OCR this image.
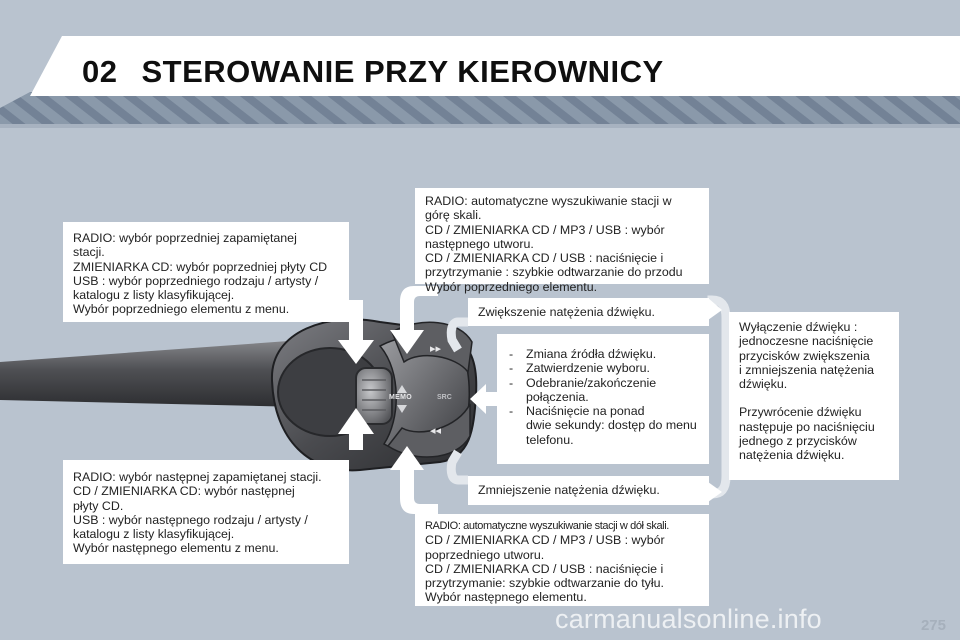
MEMO	SRC
▸▸
◂◂
02 STEROWANIE PRZY KIEROWNICY
RADIO: wybór poprzedniej zapamiętanej
stacji.
ZMIENIARKA CD: wybór poprzedniej płyty CD
USB : wybór poprzedniego rodzaju / artysty /
katalogu z listy klasyfikującej.
Wybór poprzedniego elementu z menu.
RADIO: wybór następnej zapamiętanej stacji.
CD / ZMIENIARKA CD: wybór następnej
płyty CD.
USB : wybór następnego rodzaju / artysty /
katalogu z listy klasyfikującej.
Wybór następnego elementu z menu.
RADIO: automatyczne wyszukiwanie stacji w
górę skali.
CD / ZMIENIARKA CD / MP3 / USB : wybór
następnego utworu.
CD / ZMIENIARKA CD / USB : naciśnięcie i
przytrzymanie : szybkie odtwarzanie do przodu
Wybór poprzedniego elementu.
Zwiększenie natężenia dźwięku.
- Zmiana źródła dźwięku.
- Zatwierdzenie wyboru.
- Odebranie/zakończenie
połączenia.
- Naciśnięcie na ponad
dwie sekundy: dostęp do menu
telefonu.
Zmniejszenie natężenia dźwięku.
RADIO: automatyczne wyszukiwanie stacji w dół skali.
CD / ZMIENIARKA CD / MP3 / USB : wybór
poprzedniego utworu.
CD / ZMIENIARKA CD / USB : naciśnięcie i
przytrzymanie: szybkie odtwarzanie do tyłu.
Wybór następnego elementu.
Wyłączenie dźwięku :
jednoczesne naciśnięcie
przycisków zwiększenia
i zmniejszenia natężenia
dźwięku.
Przywrócenie dźwięku
następuje po naciśnięciu
jednego z przycisków
natężenia dźwięku.
carmanualsonline.info	275
